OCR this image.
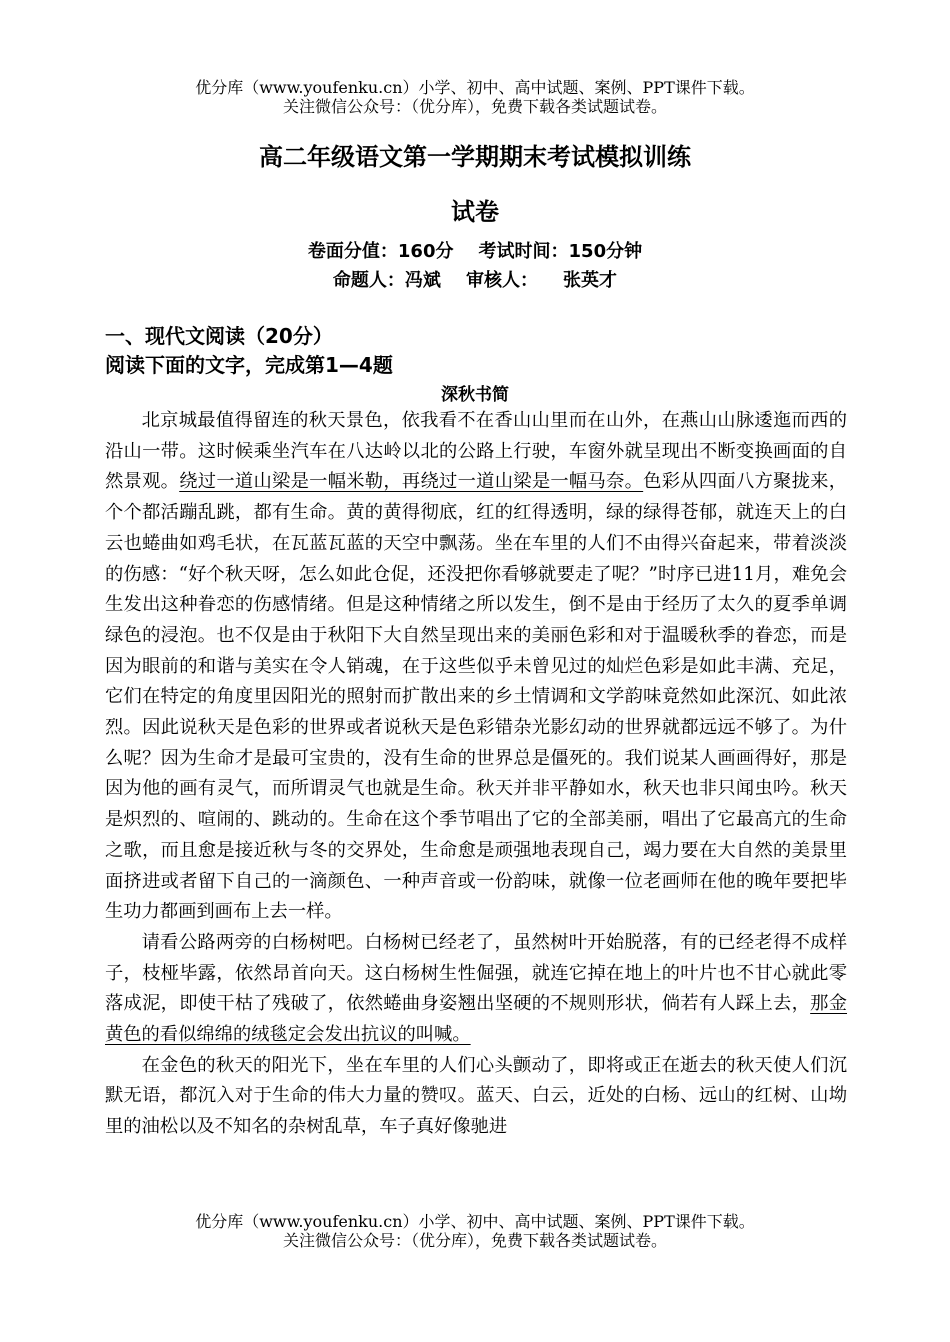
优分库（www.youfenku.cn）小学、初中、高中试题、案例、PPT课件下载。
关注微信公众号：（优分库），免费下载各类试题试卷。
高二年级语文第一学期期末考试模拟训练
试卷
卷面分值：160分    考试时间：150分钟
命题人：冯斌    审核人：    张英才
一、现代文阅读（20分）
阅读下面的文字，完成第1—4题
深秋书简

北京城最值得留连的秋天景色，依我看不在香山山里而在山外，在燕山山脉逶迤而西的沿山一带。这时候乘坐汽车在八达岭以北的公路上行驶，车窗外就呈现出不断变换画面的自然景观。绕过一道山梁是一幅米勒，再绕过一道山梁是一幅马奈。色彩从四面八方聚拢来，个个都活蹦乱跳，都有生命。黄的黄得彻底，红的红得透明，绿的绿得苍郁，就连天上的白云也蜷曲如鸡毛状，在瓦蓝瓦蓝的天空中飘荡。坐在车里的人们不由得兴奋起来，带着淡淡的伤感：“好个秋天呀，怎么如此仓促，还没把你看够就要走了呢？”时序已进11月，难免会生发出这种眷恋的伤感情绪。但是这种情绪之所以发生，倒不是由于经历了太久的夏季单调绿色的浸泡。也不仅是由于秋阳下大自然呈现出来的美丽色彩和对于温暖秋季的眷恋，而是因为眼前的和谐与美实在令人销魂，在于这些似乎未曾见过的灿烂色彩是如此丰满、充足，它们在特定的角度里因阳光的照射而扩散出来的乡土情调和文学韵味竟然如此深沉、如此浓烈。因此说秋天是色彩的世界或者说秋天是色彩错杂光影幻动的世界就都远远不够了。为什么呢？因为生命才是最可宝贵的，没有生命的世界总是僵死的。我们说某人画画得好，那是因为他的画有灵气，而所谓灵气也就是生命。秋天并非平静如水，秋天也非只闻虫吟。秋天是炽烈的、喧闹的、跳动的。生命在这个季节唱出了它的全部美丽，唱出了它最高亢的生命之歌，而且愈是接近秋与冬的交界处，生命愈是顽强地表现自己，竭力要在大自然的美景里面挤进或者留下自己的一滴颜色、一种声音或一份韵味，就像一位老画师在他的晚年要把毕生功力都画到画布上去一样。

请看公路两旁的白杨树吧。白杨树已经老了，虽然树叶开始脱落，有的已经老得不成样子，枝桠毕露，依然昂首向天。这白杨树生性倔强，就连它掉在地上的叶片也不甘心就此零落成泥，即使干枯了残破了，依然蜷曲身姿翘出坚硬的不规则形状，倘若有人踩上去，那金黄色的看似绵绵的绒毯定会发出抗议的叫喊。

在金色的秋天的阳光下，坐在车里的人们心头颤动了，即将或正在逝去的秋天使人们沉默无语，都沉入对于生命的伟大力量的赞叹。蓝天、白云，近处的白杨、远山的红树、山坳里的油松以及不知名的杂树乱草，车子真好像驰进

优分库（www.youfenku.cn）小学、初中、高中试题、案例、PPT课件下载。
关注微信公众号：（优分库），免费下载各类试题试卷。
